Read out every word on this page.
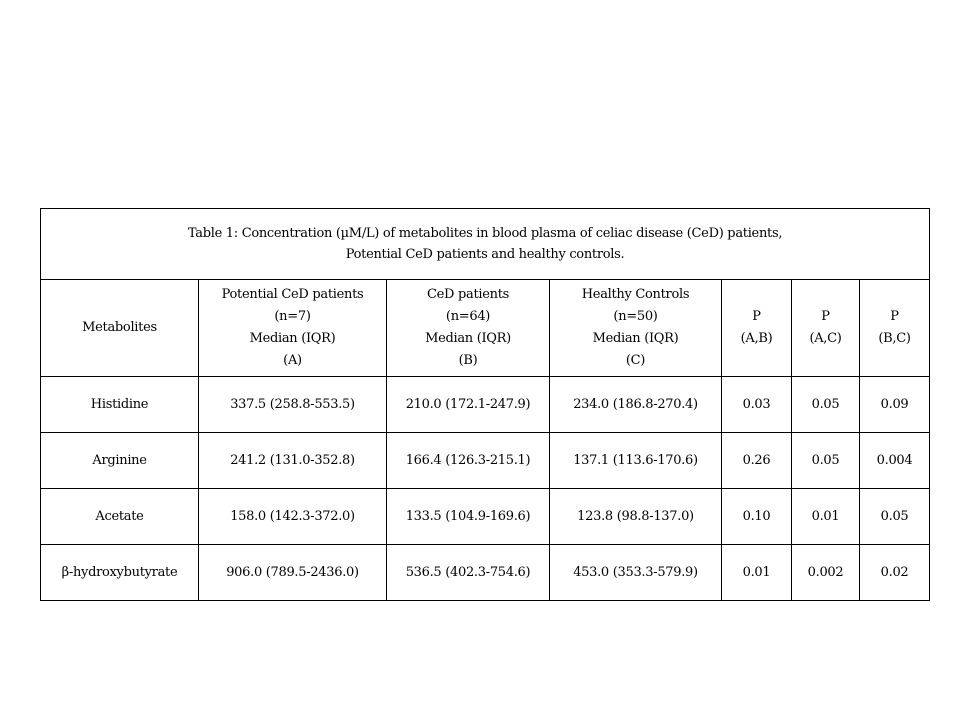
Table 1: Concentration (µM/L) of metabolites in blood plasma of celiac disease (CeD) patients,
Potential CeD patients and healthy controls.						

Metabolites	Potential CeD patients
(n=7)
Median (IQR)
(A)	CeD patients
(n=64)
Median (IQR)
(B)	Healthy Controls
(n=50)
Median (IQR)
(C)	P
(A,B)	P
(A,C)	P
(B,C)

Histidine	337.5 (258.8-553.5)	210.0 (172.1-247.9)	234.0 (186.8-270.4)	0.03	0.05	0.09
Arginine	241.2 (131.0-352.8)	166.4 (126.3-215.1)	137.1 (113.6-170.6)	0.26	0.05	0.004
Acetate	158.0 (142.3-372.0)	133.5 (104.9-169.6)	123.8 (98.8-137.0)	0.10	0.01	0.05
β-hydroxybutyrate	906.0 (789.5-2436.0)	536.5 (402.3-754.6)	453.0 (353.3-579.9)	0.01	0.002	0.02
